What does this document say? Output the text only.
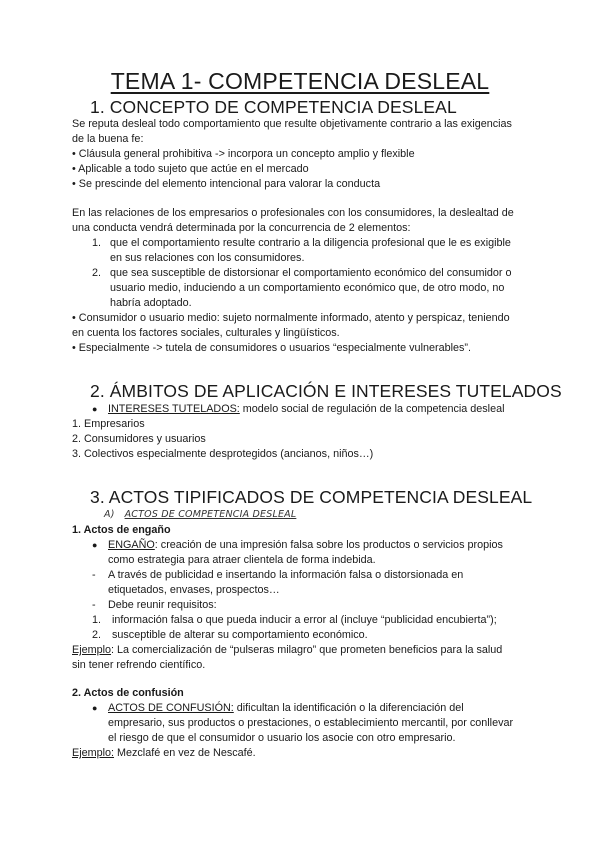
TEMA 1- COMPETENCIA DESLEAL
1. CONCEPTO DE COMPETENCIA DESLEAL
Se reputa desleal todo comportamiento que resulte objetivamente contrario a las exigencias
de la buena fe:
• Cláusula general prohibitiva -> incorpora un concepto amplio y flexible
• Aplicable a todo sujeto que actúe en el mercado
• Se prescinde del elemento intencional para valorar la conducta
En las relaciones de los empresarios o profesionales con los consumidores, la deslealtad de
una conducta vendrá determinada por la concurrencia de 2 elementos:
1. que el comportamiento resulte contrario a la diligencia profesional que le es exigible
en sus relaciones con los consumidores.
2. que sea susceptible de distorsionar el comportamiento económico del consumidor o
usuario medio, induciendo a un comportamiento económico que, de otro modo, no
habría adoptado.
• Consumidor o usuario medio: sujeto normalmente informado, atento y perspicaz, teniendo
en cuenta los factores sociales, culturales y lingüísticos.
• Especialmente -> tutela de consumidores o usuarios “especialmente vulnerables”.
2. ÁMBITOS DE APLICACIÓN E INTERESES TUTELADOS
● INTERESES TUTELADOS: modelo social de regulación de la competencia desleal
1. Empresarios
2. Consumidores y usuarios
3. Colectivos especialmente desprotegidos (ancianos, niños…)
3. ACTOS TIPIFICADOS DE COMPETENCIA DESLEAL
A) ACTOS DE COMPETENCIA DESLEAL
1. Actos de engaño
● ENGAÑO: creación de una impresión falsa sobre los productos o servicios propios
como estrategia para atraer clientela de forma indebida.
- A través de publicidad e insertando la información falsa o distorsionada en
etiquetados, envases, prospectos…
- Debe reunir requisitos:
1. información falsa o que pueda inducir a error al (incluye “publicidad encubierta”);
2. susceptible de alterar su comportamiento económico.
Ejemplo: La comercialización de “pulseras milagro” que prometen beneficios para la salud
sin tener refrendo científico.
2. Actos de confusión
● ACTOS DE CONFUSIÓN: dificultan la identificación o la diferenciación del
empresario, sus productos o prestaciones, o establecimiento mercantil, por conllevar
el riesgo de que el consumidor o usuario los asocie con otro empresario.
Ejemplo: Mezclafé en vez de Nescafé.
